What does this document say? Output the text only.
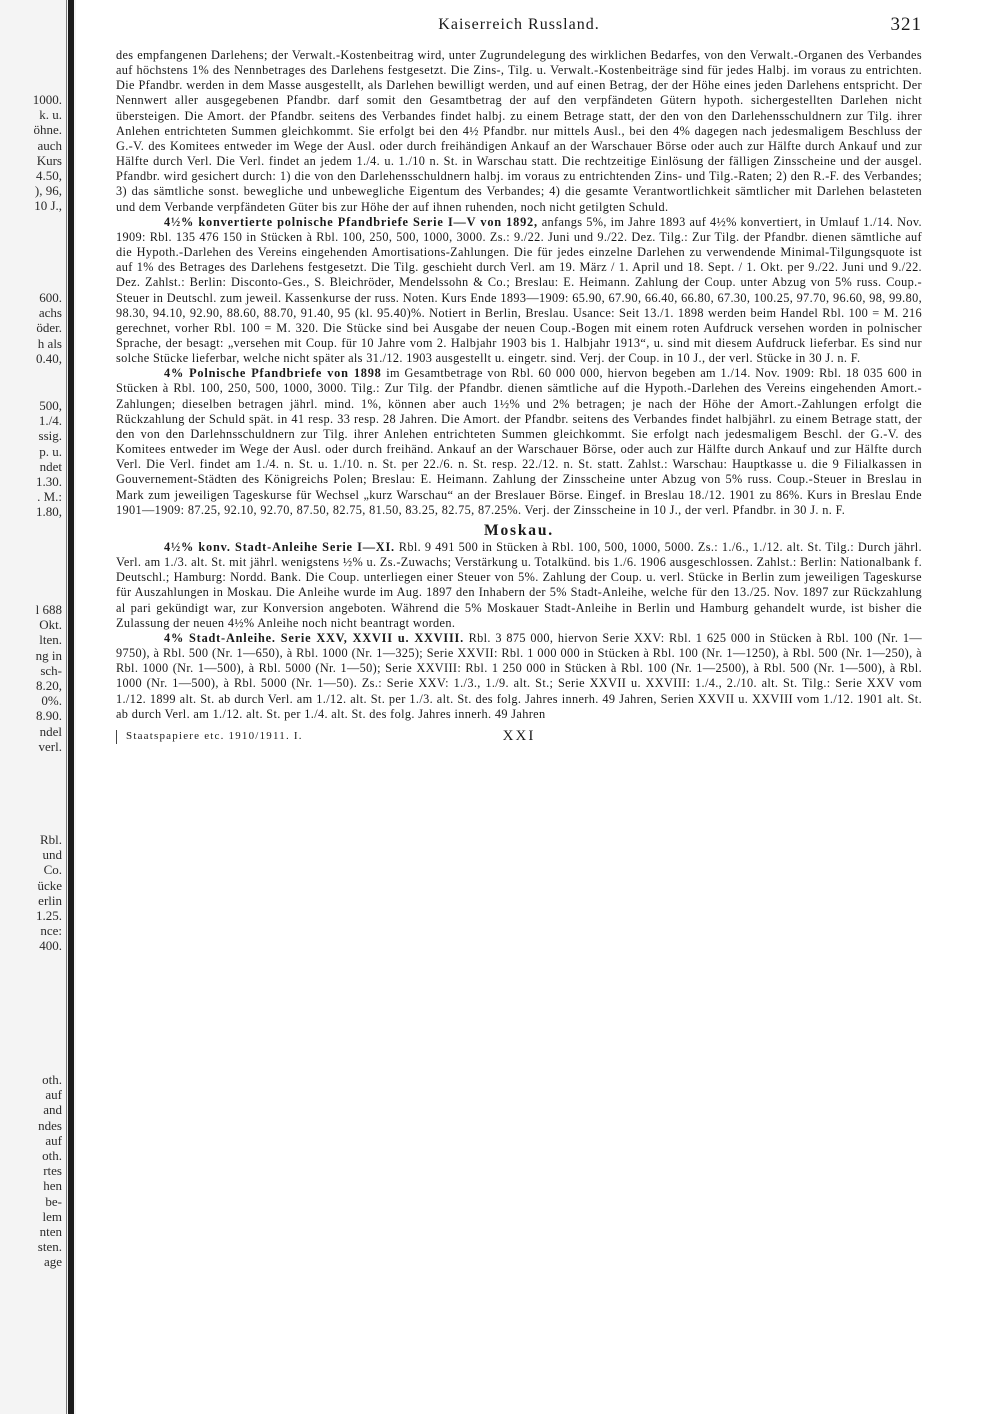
1000.
k. u.
öhne.
auch
Kurs
4.50,
), 96,
10 J.,
600.
achs
öder.
h als
0.40,
500,
1./4.
ssig.
p. u.
ndet
1.30.
. M.:
1.80,
l 688
Okt.
lten.
ng in
sch-
8.20,
0%.
8.90.
ndel
verl.
Rbl.
und
Co.
ücke
erlin
1.25.
nce:
400.
oth.
auf
and
ndes
auf
oth.
rtes
hen
be-
lem
nten
sten.
age
Kaiserreich Russland.	321

des empfangenen Darlehens; der Verwalt.-Kostenbeitrag wird, unter Zugrundelegung des wirklichen Bedarfes, von den Verwalt.-Organen des Verbandes auf höchstens 1% des Nennbetrages des Darlehens festgesetzt. Die Zins-, Tilg. u. Verwalt.-Kostenbeiträge sind für jedes Halbj. im voraus zu entrichten. Die Pfandbr. werden in dem Masse ausgestellt, als Darlehen bewilligt werden, und auf einen Betrag, der der Höhe eines jeden Darlehens entspricht. Der Nennwert aller ausgegebenen Pfandbr. darf somit den Gesamtbetrag der auf den verpfändeten Gütern hypoth. sichergestellten Darlehen nicht übersteigen. Die Amort. der Pfandbr. seitens des Verbandes findet halbj. zu einem Betrage statt, der den von den Darlehensschuldnern zur Tilg. ihrer Anlehen entrichteten Summen gleichkommt. Sie erfolgt bei den 4½ Pfandbr. nur mittels Ausl., bei den 4% dagegen nach jedesmaligem Beschluss der G.-V. des Komitees entweder im Wege der Ausl. oder durch freihändigen Ankauf an der Warschauer Börse oder auch zur Hälfte durch Ankauf und zur Hälfte durch Verl. Die Verl. findet an jedem 1./4. u. 1./10 n. St. in Warschau statt. Die rechtzeitige Einlösung der fälligen Zinsscheine und der ausgel. Pfandbr. wird gesichert durch: 1) die von den Darlehensschuldnern halbj. im voraus zu entrichtenden Zins- und Tilg.-Raten; 2) den R.-F. des Verbandes; 3) das sämtliche sonst. bewegliche und unbewegliche Eigentum des Verbandes; 4) die gesamte Verantwortlichkeit sämtlicher mit Darlehen belasteten und dem Verbande verpfändeten Güter bis zur Höhe der auf ihnen ruhenden, noch nicht getilgten Schuld.

4½% konvertierte polnische Pfandbriefe Serie I—V von 1892, anfangs 5%, im Jahre 1893 auf 4½% konvertiert, in Umlauf 1./14. Nov. 1909: Rbl. 135 476 150 in Stücken à Rbl. 100, 250, 500, 1000, 3000. Zs.: 9./22. Juni und 9./22. Dez. Tilg.: Zur Tilg. der Pfandbr. dienen sämtliche auf die Hypoth.-Darlehen des Vereins eingehenden Amortisations-Zahlungen. Die für jedes einzelne Darlehen zu verwendende Minimal-Tilgungsquote ist auf 1% des Betrages des Darlehens festgesetzt. Die Tilg. geschieht durch Verl. am 19. März / 1. April und 18. Sept. / 1. Okt. per 9./22. Juni und 9./22. Dez. Zahlst.: Berlin: Disconto-Ges., S. Bleichröder, Mendelssohn & Co.; Breslau: E. Heimann. Zahlung der Coup. unter Abzug von 5% russ. Coup.-Steuer in Deutschl. zum jeweil. Kassenkurse der russ. Noten. Kurs Ende 1893—1909: 65.90, 67.90, 66.40, 66.80, 67.30, 100.25, 97.70, 96.60, 98, 99.80, 98.30, 94.10, 92.90, 88.60, 88.70, 91.40, 95 (kl. 95.40)%. Notiert in Berlin, Breslau. Usance: Seit 13./1. 1898 werden beim Handel Rbl. 100 = M. 216 gerechnet, vorher Rbl. 100 = M. 320. Die Stücke sind bei Ausgabe der neuen Coup.-Bogen mit einem roten Aufdruck versehen worden in polnischer Sprache, der besagt: „versehen mit Coup. für 10 Jahre vom 2. Halbjahr 1903 bis 1. Halbjahr 1913“, u. sind mit diesem Aufdruck lieferbar. Es sind nur solche Stücke lieferbar, welche nicht später als 31./12. 1903 ausgestellt u. eingetr. sind. Verj. der Coup. in 10 J., der verl. Stücke in 30 J. n. F.

4% Polnische Pfandbriefe von 1898 im Gesamtbetrage von Rbl. 60 000 000, hiervon begeben am 1./14. Nov. 1909: Rbl. 18 035 600 in Stücken à Rbl. 100, 250, 500, 1000, 3000. Tilg.: Zur Tilg. der Pfandbr. dienen sämtliche auf die Hypoth.-Darlehen des Vereins eingehenden Amort.-Zahlungen; dieselben betragen jährl. mind. 1%, können aber auch 1½% und 2% betragen; je nach der Höhe der Amort.-Zahlungen erfolgt die Rückzahlung der Schuld spät. in 41 resp. 33 resp. 28 Jahren. Die Amort. der Pfandbr. seitens des Verbandes findet halbjährl. zu einem Betrage statt, der den von den Darlehnsschuldnern zur Tilg. ihrer Anlehen entrichteten Summen gleichkommt. Sie erfolgt nach jedesmaligem Beschl. der G.-V. des Komitees entweder im Wege der Ausl. oder durch freihänd. Ankauf an der Warschauer Börse, oder auch zur Hälfte durch Ankauf und zur Hälfte durch Verl. Die Verl. findet am 1./4. n. St. u. 1./10. n. St. per 22./6. n. St. resp. 22./12. n. St. statt. Zahlst.: Warschau: Hauptkasse u. die 9 Filialkassen in Gouvernement-Städten des Königreichs Polen; Breslau: E. Heimann. Zahlung der Zinsscheine unter Abzug von 5% russ. Coup.-Steuer in Breslau in Mark zum jeweiligen Tageskurse für Wechsel „kurz Warschau“ an der Breslauer Börse. Eingef. in Breslau 18./12. 1901 zu 86%. Kurs in Breslau Ende 1901—1909: 87.25, 92.10, 92.70, 87.50, 82.75, 81.50, 83.25, 82.75, 87.25%. Verj. der Zinsscheine in 10 J., der verl. Pfandbr. in 30 J. n. F.

Moskau.

4½% konv. Stadt-Anleihe Serie I—XI. Rbl. 9 491 500 in Stücken à Rbl. 100, 500, 1000, 5000. Zs.: 1./6., 1./12. alt. St. Tilg.: Durch jährl. Verl. am 1./3. alt. St. mit jährl. wenigstens ½% u. Zs.-Zuwachs; Verstärkung u. Totalkünd. bis 1./6. 1906 ausgeschlossen. Zahlst.: Berlin: Nationalbank f. Deutschl.; Hamburg: Nordd. Bank. Die Coup. unterliegen einer Steuer von 5%. Zahlung der Coup. u. verl. Stücke in Berlin zum jeweiligen Tageskurse für Auszahlungen in Moskau. Die Anleihe wurde im Aug. 1897 den Inhabern der 5% Stadt-Anleihe, welche für den 13./25. Nov. 1897 zur Rückzahlung al pari gekündigt war, zur Konversion angeboten. Während die 5% Moskauer Stadt-Anleihe in Berlin und Hamburg gehandelt wurde, ist bisher die Zulassung der neuen 4½% Anleihe noch nicht beantragt worden.

4% Stadt-Anleihe. Serie XXV, XXVII u. XXVIII. Rbl. 3 875 000, hiervon Serie XXV: Rbl. 1 625 000 in Stücken à Rbl. 100 (Nr. 1—9750), à Rbl. 500 (Nr. 1—650), à Rbl. 1000 (Nr. 1—325); Serie XXVII: Rbl. 1 000 000 in Stücken à Rbl. 100 (Nr. 1—1250), à Rbl. 500 (Nr. 1—250), à Rbl. 1000 (Nr. 1—500), à Rbl. 5000 (Nr. 1—50); Serie XXVIII: Rbl. 1 250 000 in Stücken à Rbl. 100 (Nr. 1—2500), à Rbl. 500 (Nr. 1—500), à Rbl. 1000 (Nr. 1—500), à Rbl. 5000 (Nr. 1—50). Zs.: Serie XXV: 1./3., 1./9. alt. St.; Serie XXVII u. XXVIII: 1./4., 2./10. alt. St. Tilg.: Serie XXV vom 1./12. 1899 alt. St. ab durch Verl. am 1./12. alt. St. per 1./3. alt. St. des folg. Jahres innerh. 49 Jahren, Serien XXVII u. XXVIII vom 1./12. 1901 alt. St. ab durch Verl. am 1./12. alt. St. per 1./4. alt. St. des folg. Jahres innerh. 49 Jahren

Staatspapiere etc. 1910/1911. I.	XXI
